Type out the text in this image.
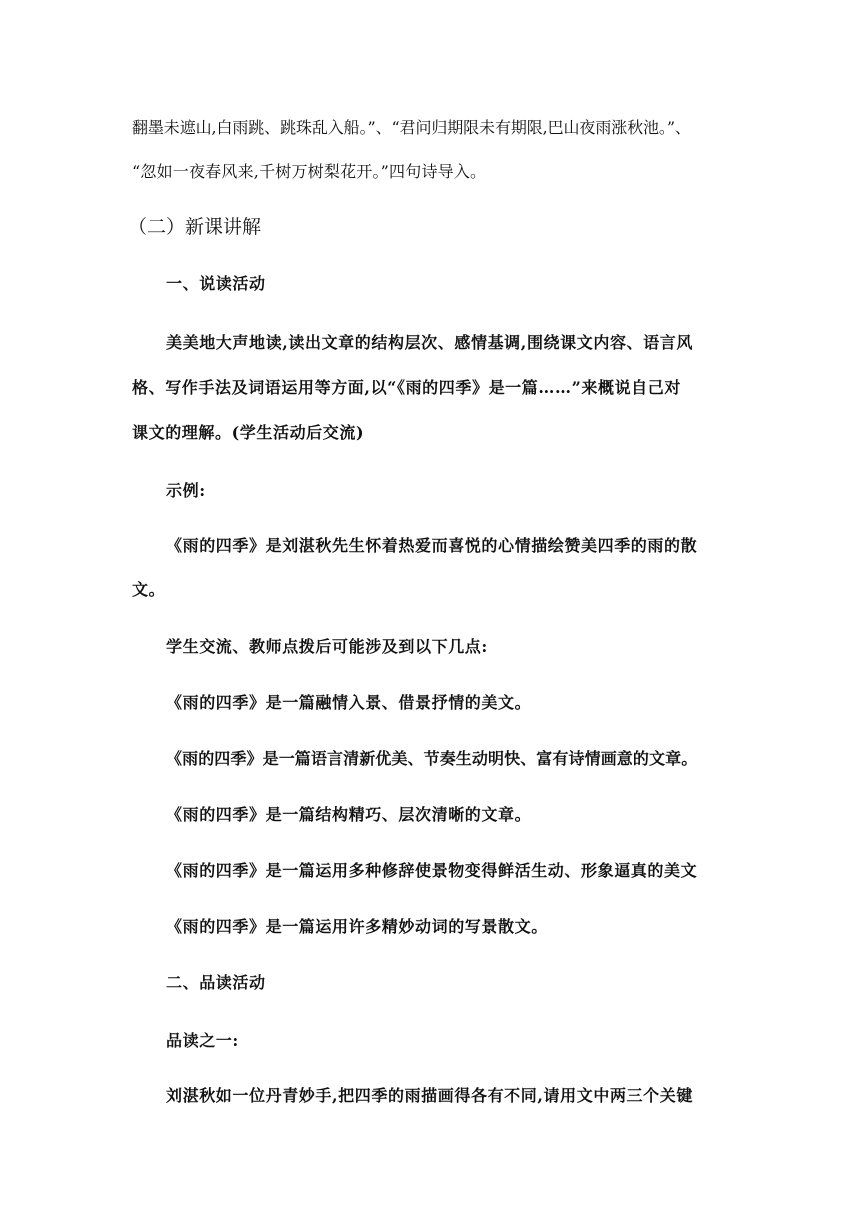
翻墨未遮山,白雨跳、跳珠乱入船。”、“君问归期限未有期限,巴山夜雨涨秋池。”、
“忽如一夜春风来,千树万树梨花开。”四句诗导入。
（二）新课讲解
一、说读活动
美美地大声地读,读出文章的结构层次、感情基调,围绕课文内容、语言风
格、写作手法及词语运用等方面,以“《雨的四季》是一篇……”来概说自己对
课文的理解。(学生活动后交流)
示例:
《雨的四季》是刘湛秋先生怀着热爱而喜悦的心情描绘赞美四季的雨的散
文。
学生交流、教师点拨后可能涉及到以下几点:
《雨的四季》是一篇融情入景、借景抒情的美文。
《雨的四季》是一篇语言清新优美、节奏生动明快、富有诗情画意的文章。
《雨的四季》是一篇结构精巧、层次清晰的文章。
《雨的四季》是一篇运用多种修辞使景物变得鲜活生动、形象逼真的美文
《雨的四季》是一篇运用许多精妙动词的写景散文。
二、品读活动
品读之一:
刘湛秋如一位丹青妙手,把四季的雨描画得各有不同,请用文中两三个关键
